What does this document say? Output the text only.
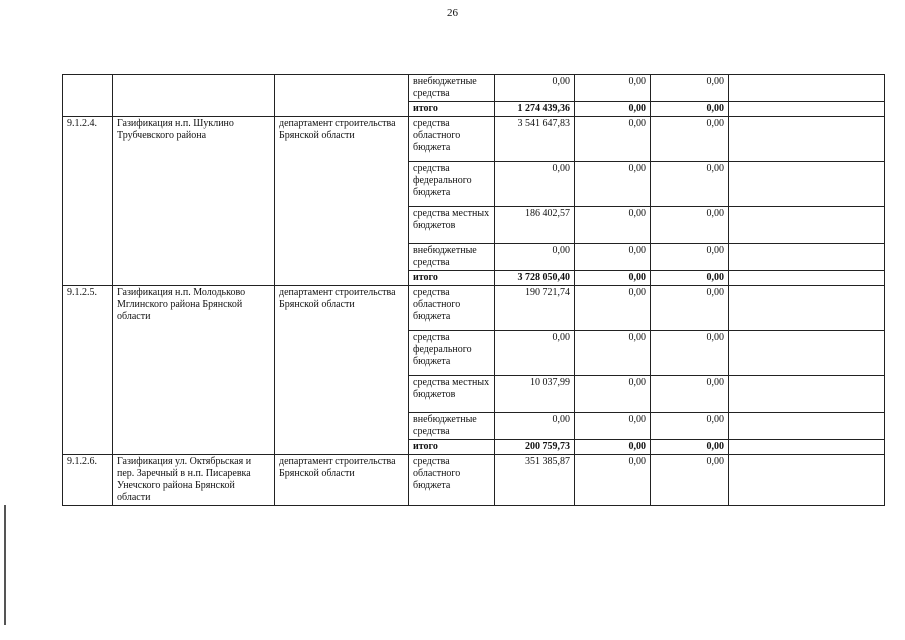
26
			внебюджетные средства	0,00	0,00	0,00	
			итого	1 274 439,36	0,00	0,00	
9.1.2.4.	Газификация н.п. Шуклино Трубчевского района	департамент строительства Брянской области	средства областного бюджета	3 541 647,83	0,00	0,00	
			средства федерального бюджета	0,00	0,00	0,00	
			средства местных бюджетов	186 402,57	0,00	0,00	
			внебюджетные средства	0,00	0,00	0,00	
			итого	3 728 050,40	0,00	0,00	
9.1.2.5.	Газификация н.п. Молодьково Мглинского района Брянской области	департамент строительства Брянской области	средства областного бюджета	190 721,74	0,00	0,00	
			средства федерального бюджета	0,00	0,00	0,00	
			средства местных бюджетов	10 037,99	0,00	0,00	
			внебюджетные средства	0,00	0,00	0,00	
			итого	200 759,73	0,00	0,00	
9.1.2.6.	Газификация ул. Октябрьская и пер. Заречный в н.п. Писаревка Унечского района Брянской области	департамент строительства Брянской области	средства областного бюджета	351 385,87	0,00	0,00	
